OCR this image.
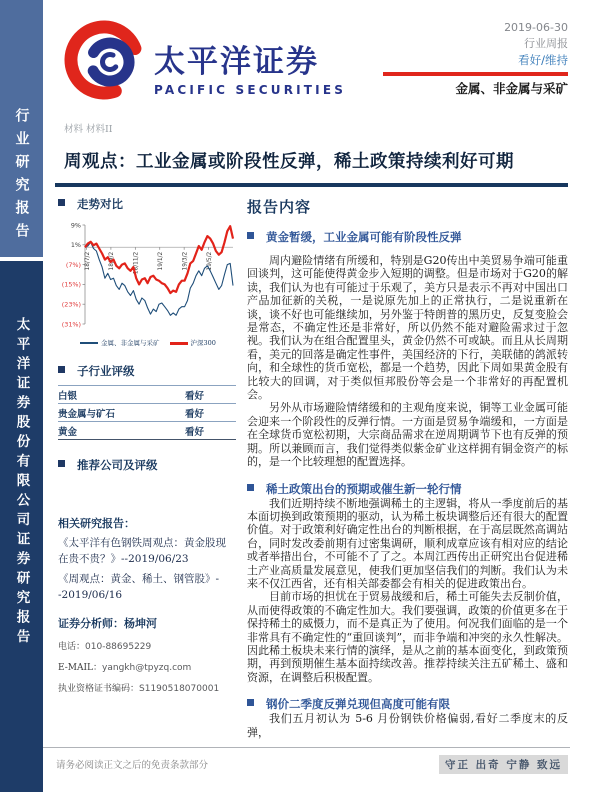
行业研究报告
太平洋证券股份有限公司证券研究报告
太平洋证券
PACIFIC SECURITIES
2019-06-30
行业周报
看好/维持
金属、非金属与采矿
材料 材料II
周观点：工业金属或阶段性反弹，稀土政策持续利好可期
走势对比
9%
1%
(7%)
(15%)
(23%)
(31%)
18/7/2	18/9/2	18/11/2	19/1/2	19/3/2	19/5/2
金属、非金属与采矿	沪深300
子行业评级
白银	看好
贵金属与矿石	看好
黄金	看好
推荐公司及评级
相关研究报告：
《太平洋有色钢铁周观点：黄金股现在贵不贵？》--2019/06/23
《周观点：黄金、稀土、钢管股》--2019/06/16
证券分析师：杨坤河
电话：010-88695229
E-MAIL：yangkh@tpyzq.com
执业资格证书编码：S1190518070001
报告内容
黄金暂缓，工业金属可能有阶段性反弹

周内避险情绪有所缓和，特别是G20传出中美贸易争端可能重回谈判，这可能使得黄金步入短期的调整。但是市场对于G20的解读，我们认为也有可能过于乐观了，美方只是表示不再对中国出口产品加征新的关税，一是说原先加上的正常执行，二是说重新在谈，谈不好也可能继续加，另外鉴于特朗普的黑历史，反复变脸会是常态，不确定性还是非常好，所以仍然不能对避险需求过于忽视。我们认为在组合配置里头，黄金仍然不可或缺。而且从长周期看，美元的回落是确定性事件，美国经济的下行，美联储的鸽派转向，和全球性的货币宽松，都是一个趋势，因此下周如果黄金股有比较大的回调，对于类似恒邦股份等会是一个非常好的再配置机会。

另外从市场避险情绪缓和的主观角度来说，铜等工业金属可能会迎来一个阶段性的反弹行情。一方面是贸易争端缓和，一方面是在全球货币宽松初期，大宗商品需求在逆周期调节下也有反弹的预期。所以兼顾而言，我们觉得类似紫金矿业这样拥有铜金资产的标的，是一个比较理想的配置选择。

稀土政策出台的预期或催生新一轮行情

我们近期持续不断地强调稀土的主逻辑，将从一季度前后的基本面切换到政策预期的驱动，认为稀土板块调整后还有很大的配置价值。对于政策利好确定性出台的判断根据，在于高层既然高调站台，同时发改委前期有过密集调研，顺利成章应该有相对应的结论或者举措出台，不可能不了了之。本周江西传出正研究出台促进稀土产业高质量发展意见，使我们更加坚信我们的判断。我们认为未来不仅江西省，还有相关部委都会有相关的促进政策出台。

目前市场的担忧在于贸易战缓和后，稀土可能失去反制价值，从而使得政策的不确定性加大。我们要强调，政策的价值更多在于保持稀土的威慑力，而不是真正为了使用。何况我们面临的是一个非常具有不确定性的“重回谈判”，而非争端和冲突的永久性解决。因此稀土板块未来行情的演绎，是从之前的基本面变化，到政策预期，再到预期催生基本面持续改善。推荐持续关注五矿稀土、盛和资源，在调整后积极配置。

钢价二季度反弹兑现但高度可能有限

我们五月初认为 5-6 月份钢铁价格偏弱,看好二季度末的反弹，

请务必阅读正文之后的免责条款部分	守正 出奇 宁静 致远
